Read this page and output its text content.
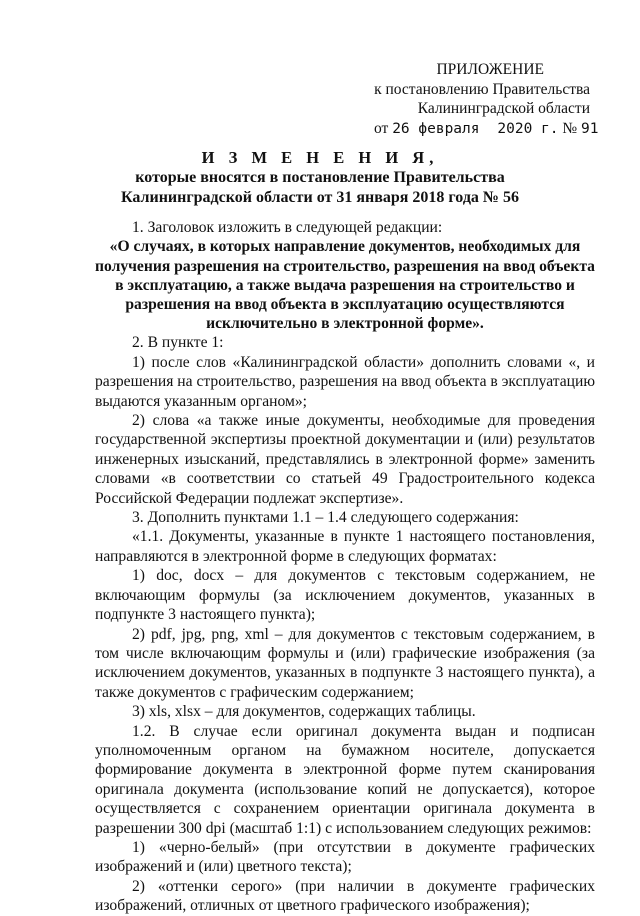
ПРИЛОЖЕНИЕ
к постановлению Правительства
Калининградской области
от 26 февраля 2020 г. № 91
И З М Е Н Е Н И Я,
которые вносятся в постановление Правительства
Калининградской области от 31 января 2018 года № 56

1. Заголовок изложить в следующей редакции:

«О случаях, в которых направление документов, необходимых для получения разрешения на строительство, разрешения на ввод объекта в эксплуатацию, а также выдача разрешения на строительство и разрешения на ввод объекта в эксплуатацию осуществляются исключительно в электронной форме».

2. В пункте 1:

1) после слов «Калининградской области» дополнить словами «, и разрешения на строительство, разрешения на ввод объекта в эксплуатацию выдаются указанным органом»;

2) слова «а также иные документы, необходимые для проведения государственной экспертизы проектной документации и (или) результатов инженерных изысканий, представлялись в электронной форме» заменить словами «в соответствии со статьей 49 Градостроительного кодекса Российской Федерации подлежат экспертизе».

3. Дополнить пунктами 1.1 – 1.4 следующего содержания:

«1.1. Документы, указанные в пункте 1 настоящего постановления, направляются в электронной форме в следующих форматах:

1) doc, docx – для документов с текстовым содержанием, не включающим формулы (за исключением документов, указанных в подпункте 3 настоящего пункта);

2) pdf, jpg, png, xml – для документов с текстовым содержанием, в том числе включающим формулы и (или) графические изображения (за исключением документов, указанных в подпункте 3 настоящего пункта), а также документов с графическим содержанием;

3) xls, xlsx – для документов, содержащих таблицы.

1.2. В случае если оригинал документа выдан и подписан уполномоченным органом на бумажном носителе, допускается формирование документа в электронной форме путем сканирования оригинала документа (использование копий не допускается), которое осуществляется с сохранением ориентации оригинала документа в разрешении 300 dpi (масштаб 1:1) с использованием следующих режимов:

1) «черно-белый» (при отсутствии в документе графических изображений и (или) цветного текста);

2) «оттенки серого» (при наличии в документе графических изображений, отличных от цветного графического изображения);
